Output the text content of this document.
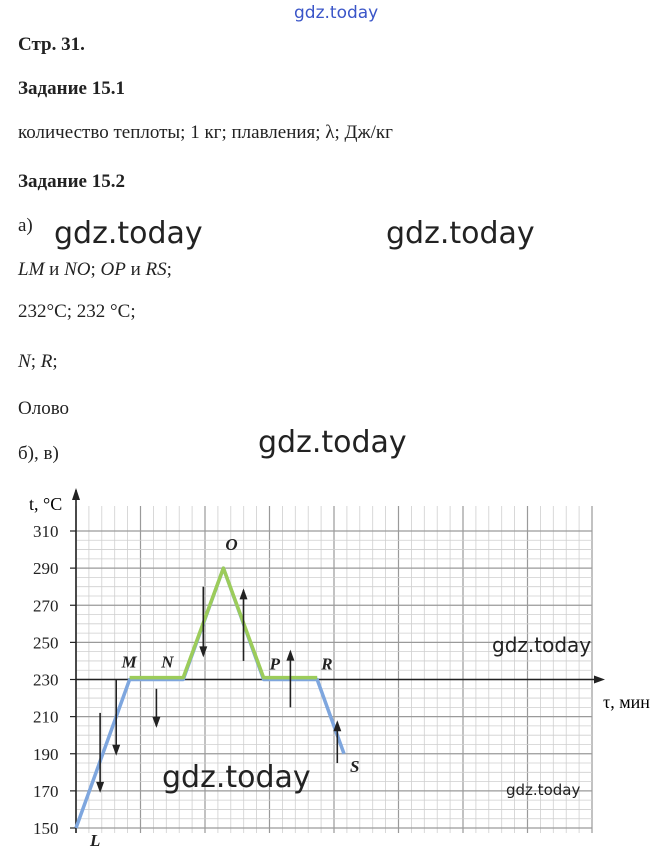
gdz.today
Стр. 31.
Задание 15.1
количество теплоты; 1 кг; плавления; λ; Дж/кг
Задание 15.2
а)
LM и NO; OP и RS;
232°C; 232 °C;
N; R;
Олово
б), в)
150
170
190
210
230
250
270
290
310
L
M N
O
P R
S
t, °C
τ, мин
gdz.today	gdz.today
gdz.today
gdz.today
gdz.today	gdz.today
